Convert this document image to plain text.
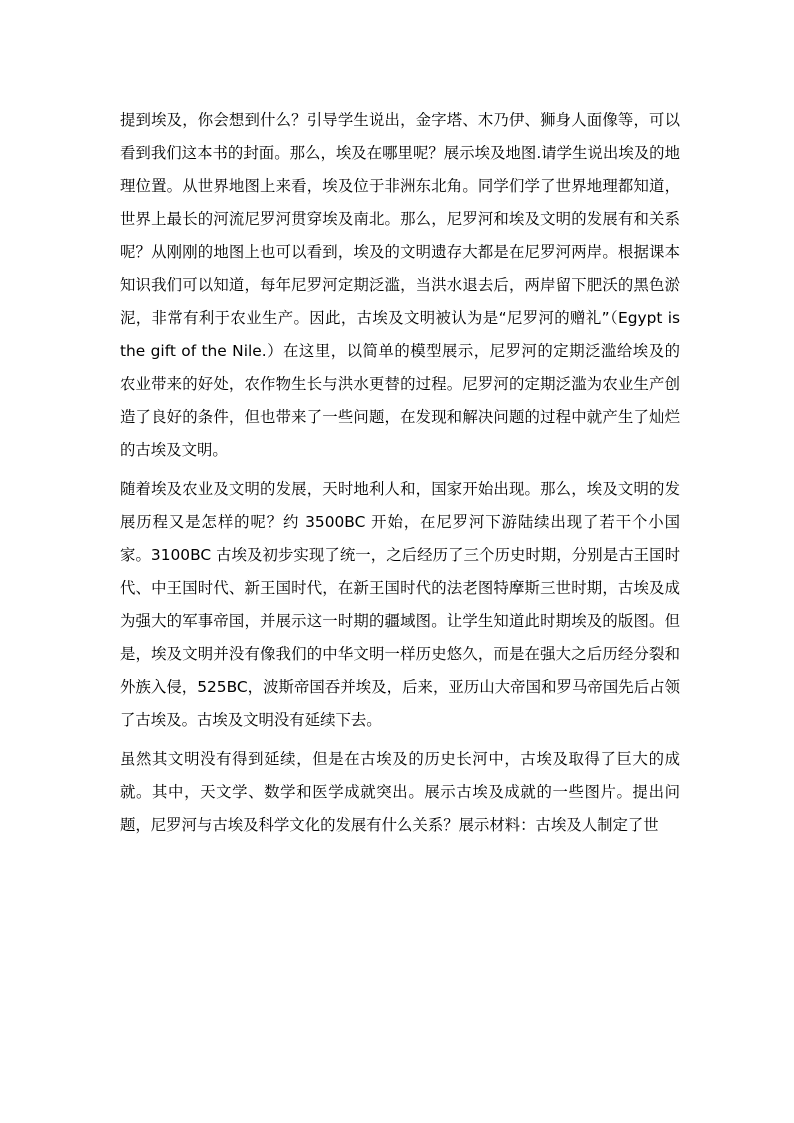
提到埃及，你会想到什么？引导学生说出，金字塔、木乃伊、狮身人面像等，可以看到我们这本书的封面。那么，埃及在哪里呢？展示埃及地图.请学生说出埃及的地理位置。从世界地图上来看，埃及位于非洲东北角。同学们学了世界地理都知道，世界上最长的河流尼罗河贯穿埃及南北。那么，尼罗河和埃及文明的发展有和关系呢？从刚刚的地图上也可以看到，埃及的文明遗存大都是在尼罗河两岸。根据课本知识我们可以知道，每年尼罗河定期泛滥，当洪水退去后，两岸留下肥沃的黑色淤泥，非常有利于农业生产。因此，古埃及文明被认为是“尼罗河的赠礼”（Egypt is the gift of the Nile.）在这里，以简单的模型展示，尼罗河的定期泛滥给埃及的农业带来的好处，农作物生长与洪水更替的过程。尼罗河的定期泛滥为农业生产创造了良好的条件，但也带来了一些问题，在发现和解决问题的过程中就产生了灿烂的古埃及文明。

随着埃及农业及文明的发展，天时地利人和，国家开始出现。那么，埃及文明的发展历程又是怎样的呢？约 3500BC 开始，在尼罗河下游陆续出现了若干个小国家。3100BC 古埃及初步实现了统一，之后经历了三个历史时期，分别是古王国时代、中王国时代、新王国时代，在新王国时代的法老图特摩斯三世时期，古埃及成为强大的军事帝国，并展示这一时期的疆域图。让学生知道此时期埃及的版图。但是，埃及文明并没有像我们的中华文明一样历史悠久，而是在强大之后历经分裂和外族入侵，525BC，波斯帝国吞并埃及，后来，亚历山大帝国和罗马帝国先后占领了古埃及。古埃及文明没有延续下去。

虽然其文明没有得到延续，但是在古埃及的历史长河中，古埃及取得了巨大的成就。其中，天文学、数学和医学成就突出。展示古埃及成就的一些图片。提出问题，尼罗河与古埃及科学文化的发展有什么关系？展示材料：古埃及人制定了世
